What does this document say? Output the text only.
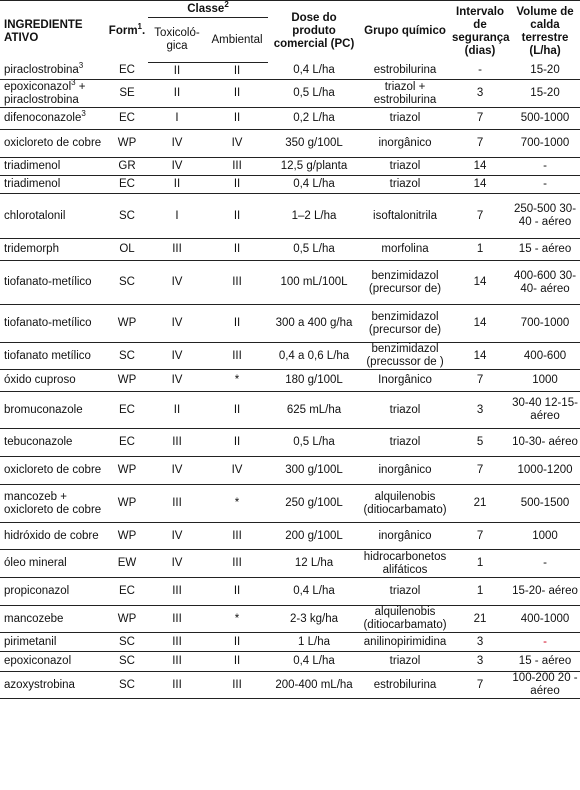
INGREDIENTE ATIVO	Form$^1$.	Classe$^2$		Dose do produto comercial (PC)	Grupo químico	Intervalo de segurança (dias)	Volume de calda terrestre (L/ha)
		Toxicoló-gica	Ambiental				
piraclostrobina$^3$	EC	II	II	0,4 L/ha	estrobilurina	-	15-20
epoxiconazol$^3$ + piraclostrobina	SE	II	II	0,5 L/ha	triazol + estrobilurina	3	15-20
difenoconazole$^3$	EC	I	II	0,2 L/ha	triazol	7	500-1000
oxicloreto de cobre	WP	IV	IV	350 g/100L	inorgânico	7	700-1000
triadimenol	GR	IV	III	12,5 g/planta	triazol	14	-
triadimenol	EC	II	II	0,4 L/ha	triazol	14	-
chlorotalonil	SC	I	II	1–2 L/ha	isoftalonitrila	7	250-500 30-40 - aéreo
tridemorph	OL	III	II	0,5 L/ha	morfolina	1	15 - aéreo
tiofanato-metílico	SC	IV	III	100 mL/100L	benzimidazol (precursor de)	14	400-600 30-40- aéreo
tiofanato-metílico	WP	IV	II	300 a 400 g/ha	benzimidazol (precursor de)	14	700-1000
tiofanato metílico	SC	IV	III	0,4 a 0,6 L/ha	benzimidazol (precussor de )	14	400-600
óxido cuproso	WP	IV	*	180 g/100L	Inorgânico	7	1000
bromuconazole	EC	II	II	625 mL/ha	triazol	3	30-40 12-15- aéreo
tebuconazole	EC	III	II	0,5 L/ha	triazol	5	10-30- aéreo
oxicloreto de cobre	WP	IV	IV	300 g/100L	inorgânico	7	1000-1200
mancozeb + oxicloreto de cobre	WP	III	*	250 g/100L	alquilenobis (ditiocarbamato)	21	500-1500
hidróxido de cobre	WP	IV	III	200 g/100L	inorgânico	7	1000
óleo mineral	EW	IV	III	12 L/ha	hidrocarbonetos alifáticos	1	-
propiconazol	EC	III	II	0,4 L/ha	triazol	1	15-20- aéreo
mancozebe	WP	III	*	2-3 kg/ha	alquilenobis (ditiocarbamato)	21	400-1000
pirimetanil	SC	III	II	1 L/ha	anilinopirimidina	3	-
epoxiconazol	SC	III	II	0,4 L/ha	triazol	3	15 - aéreo
azoxystrobina	SC	III	III	200-400 mL/ha	estrobilurina	7	100-200 20 - aéreo
